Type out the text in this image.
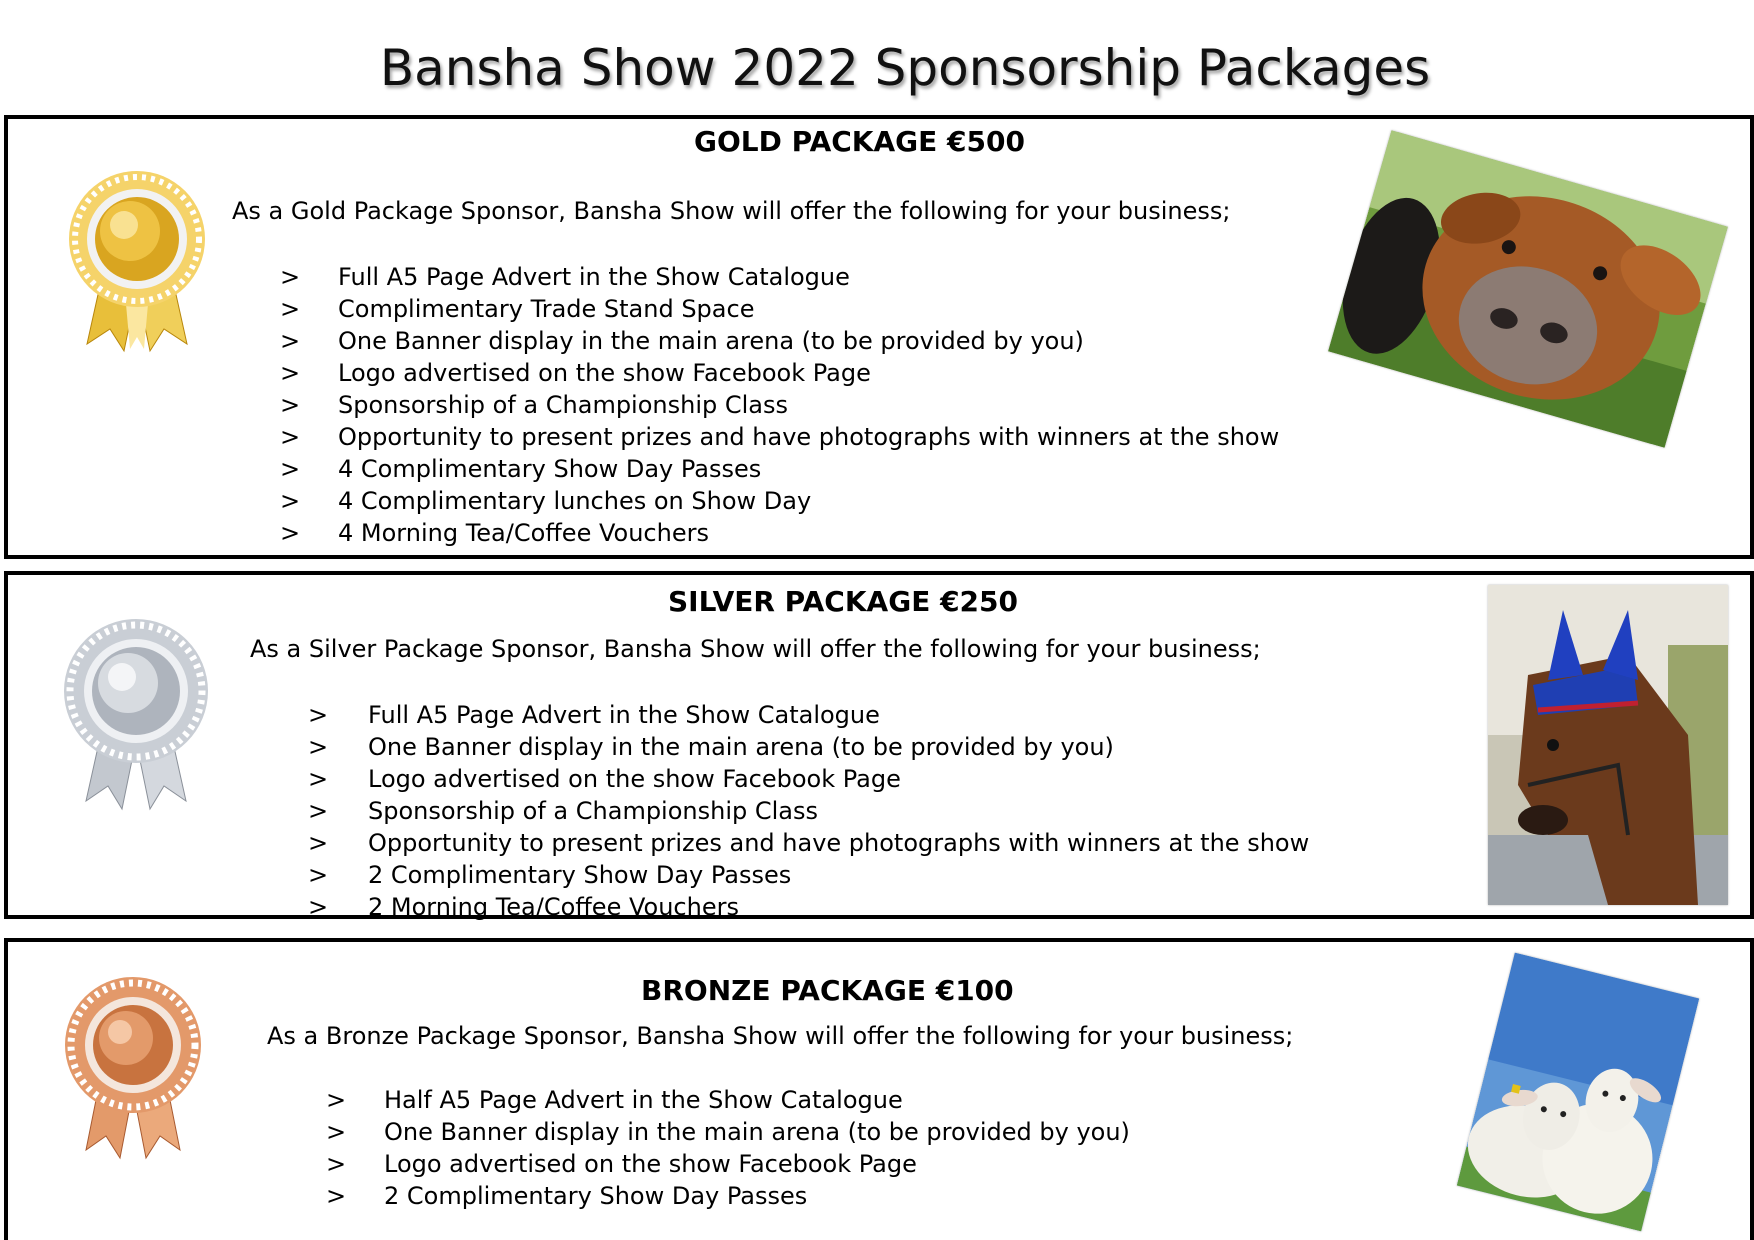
Bansha Show 2022 Sponsorship Packages
GOLD PACKAGE €500
As a Gold Package Sponsor, Bansha Show will offer the following for your business;
> Full A5 Page Advert in the Show Catalogue
> Complimentary Trade Stand Space
> One Banner display in the main arena (to be provided by you)
> Logo advertised on the show Facebook Page
> Sponsorship of a Championship Class
> Opportunity to present prizes and have photographs with winners at the show
> 4 Complimentary Show Day Passes
> 4 Complimentary lunches on Show Day
> 4 Morning Tea/Coffee Vouchers
SILVER PACKAGE €250
As a Silver Package Sponsor, Bansha Show will offer the following for your business;
> Full A5 Page Advert in the Show Catalogue
> One Banner display in the main arena (to be provided by you)
> Logo advertised on the show Facebook Page
> Sponsorship of a Championship Class
> Opportunity to present prizes and have photographs with winners at the show
> 2 Complimentary Show Day Passes
> 2 Morning Tea/Coffee Vouchers
BRONZE PACKAGE €100
As a Bronze Package Sponsor, Bansha Show will offer the following for your business;
> Half A5 Page Advert in the Show Catalogue
> One Banner display in the main arena (to be provided by you)
> Logo advertised on the show Facebook Page
> 2 Complimentary Show Day Passes
